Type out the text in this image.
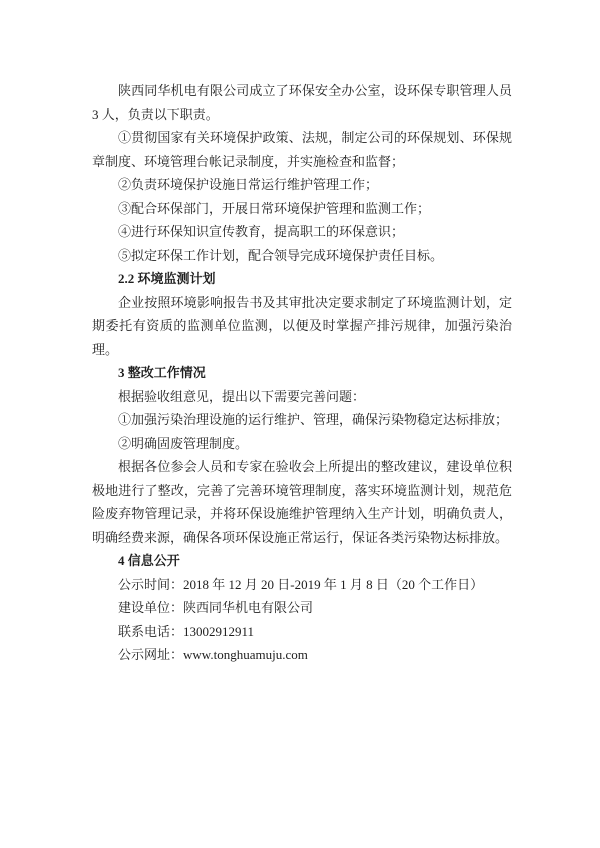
陕西同华机电有限公司成立了环保安全办公室，设环保专职管理人员 3 人，负责以下职责。

①贯彻国家有关环境保护政策、法规，制定公司的环保规划、环保规章制度、环境管理台帐记录制度，并实施检查和监督；

②负责环境保护设施日常运行维护管理工作；

③配合环保部门，开展日常环境保护管理和监测工作；

④进行环保知识宣传教育，提高职工的环保意识；

⑤拟定环保工作计划，配合领导完成环境保护责任目标。

2.2 环境监测计划

企业按照环境影响报告书及其审批决定要求制定了环境监测计划，定期委托有资质的监测单位监测，以便及时掌握产排污规律，加强污染治理。

3 整改工作情况

根据验收组意见，提出以下需要完善问题：

①加强污染治理设施的运行维护、管理，确保污染物稳定达标排放；

②明确固废管理制度。

根据各位参会人员和专家在验收会上所提出的整改建议，建设单位积极地进行了整改，完善了完善环境管理制度，落实环境监测计划，规范危险废弃物管理记录，并将环保设施维护管理纳入生产计划，明确负责人，明确经费来源，确保各项环保设施正常运行，保证各类污染物达标排放。

4 信息公开

公示时间：2018 年 12 月 20 日-2019 年 1 月 8 日（20 个工作日）

建设单位：陕西同华机电有限公司

联系电话：13002912911

公示网址：www.tonghuamuju.com
